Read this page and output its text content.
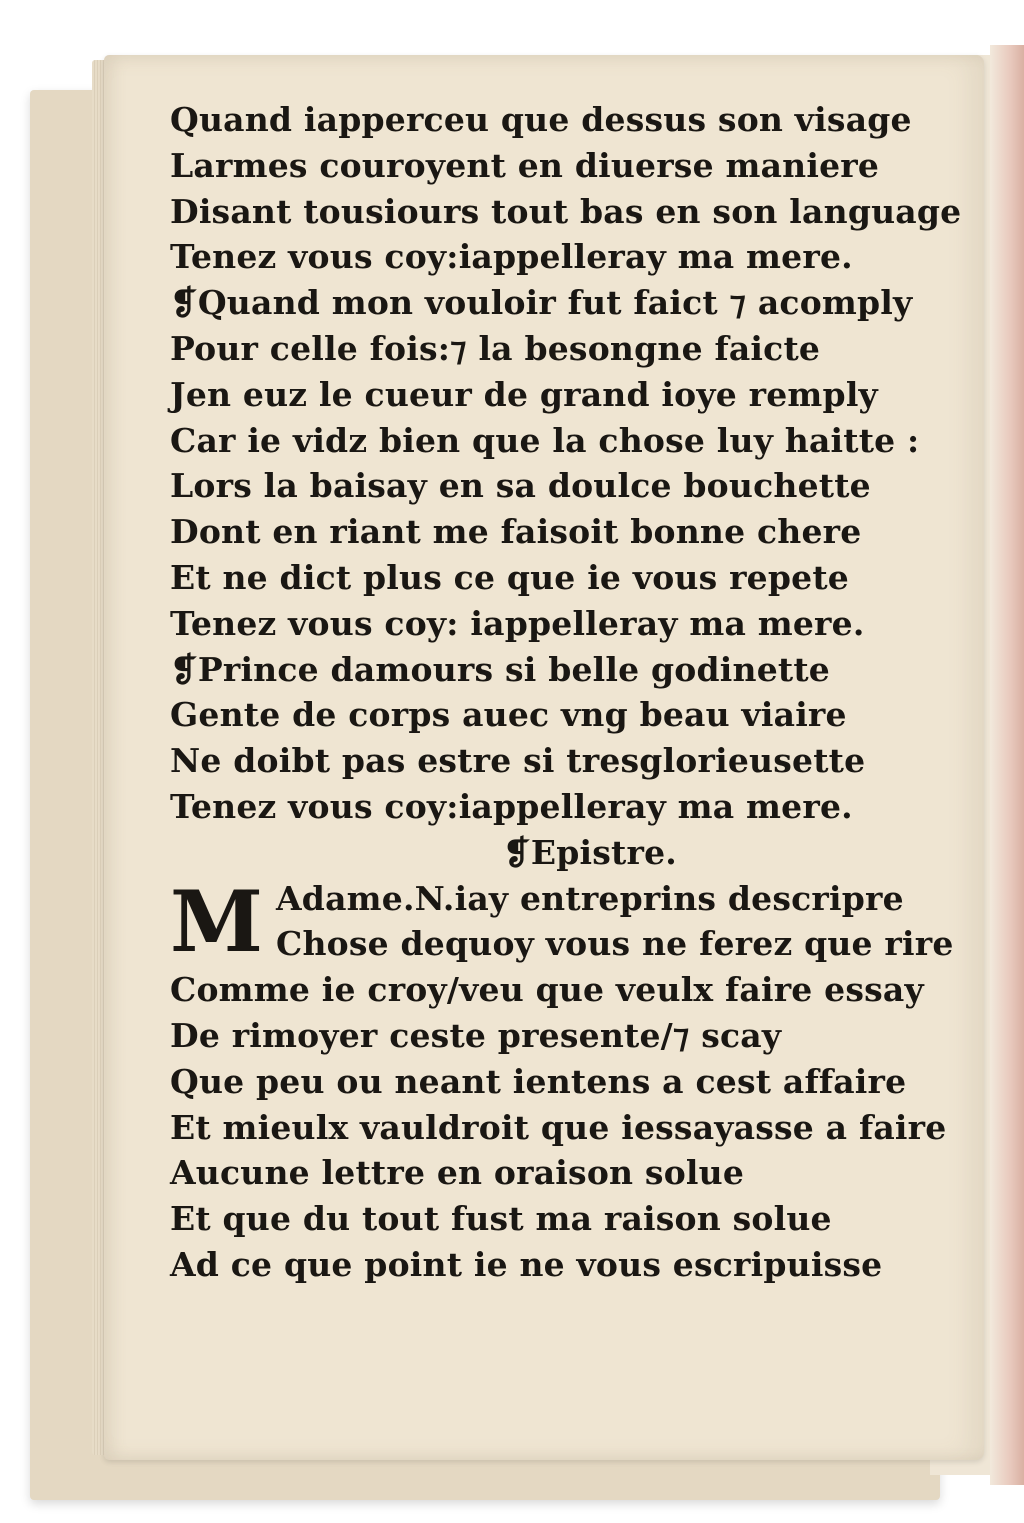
Quand iapperceu que dessus son visage
Larmes couroyent en diuerse maniere
Disant tousiours tout bas en son language
Tenez vous coy:iappelleray ma mere.
❡Quand mon vouloir fut faict ⁊ acomply
Pour celle fois:⁊ la besongne faicte
Jen euz le cueur de grand ioye remply
Car ie vidz bien que la chose luy haitte :
Lors la baisay en sa doulce bouchette
Dont en riant me faisoit bonne chere
Et ne dict plus ce que ie vous repete
Tenez vous coy: iappelleray ma mere.
❡Prince damours si belle godinette
Gente de corps auec vng beau viaire
Ne doibt pas estre si tresglorieusette
Tenez vous coy:iappelleray ma mere.
❡Epistre.
M Adame.N.iay entreprins descripre
Chose dequoy vous ne ferez que rire
Comme ie croy/veu que veulx faire essay
De rimoyer ceste presente/⁊ scay
Que peu ou neant ientens a cest affaire
Et mieulx vauldroit que iessayasse a faire
Aucune lettre en oraison solue
Et que du tout fust ma raison solue
Ad ce que point ie ne vous escripuisse
